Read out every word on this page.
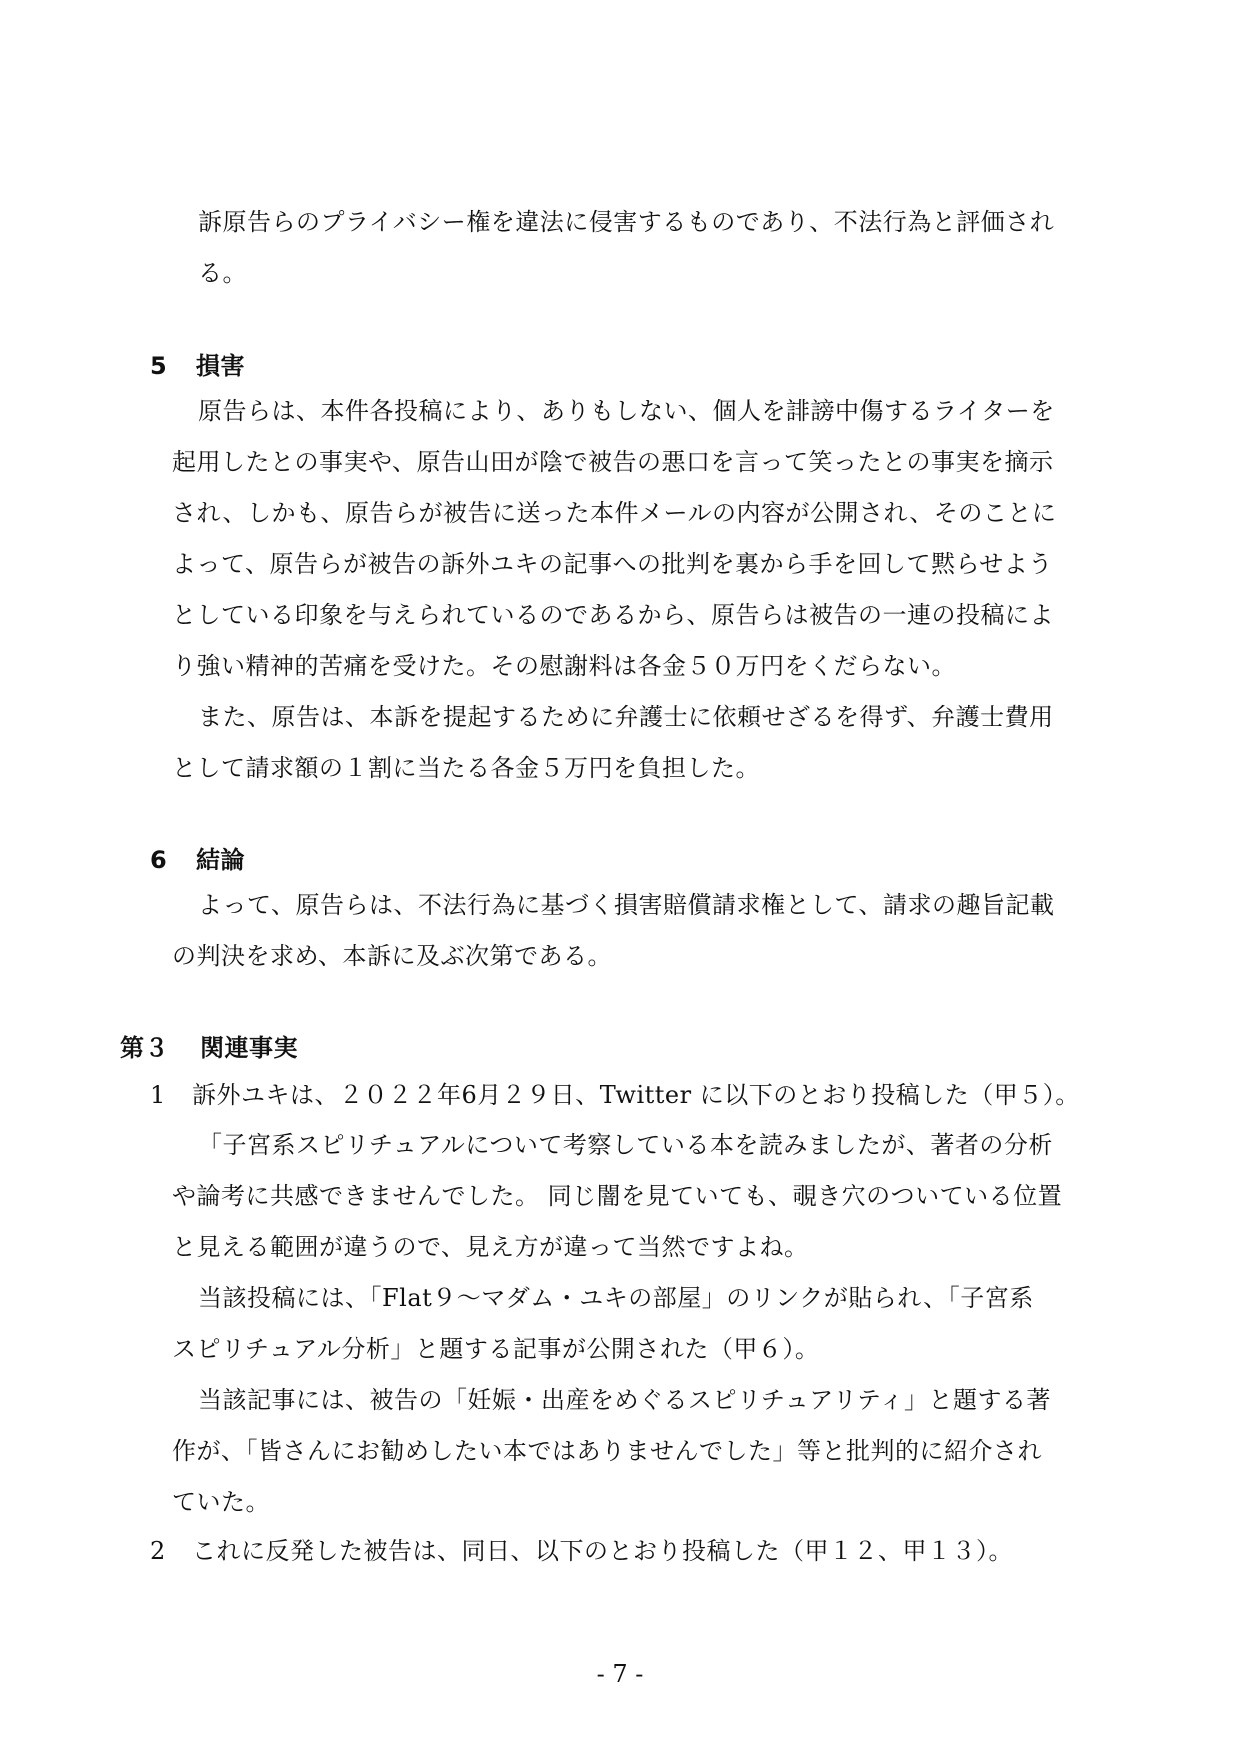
訴原告らのプライバシー権を違法に侵害するものであり、不法行為と評価され
る。
5 損害
原告らは、本件各投稿により、ありもしない、個人を誹謗中傷するライターを
起用したとの事実や、原告山田が陰で被告の悪口を言って笑ったとの事実を摘示
され、しかも、原告らが被告に送った本件メールの内容が公開され、そのことに
よって、原告らが被告の訴外ユキの記事への批判を裏から手を回して黙らせよう
としている印象を与えられているのであるから、原告らは被告の一連の投稿によ
り強い精神的苦痛を受けた。その慰謝料は各金５０万円をくだらない。
また、原告は、本訴を提起するために弁護士に依頼せざるを得ず、弁護士費用
として請求額の１割に当たる各金５万円を負担した。
6 結論
よって、原告らは、不法行為に基づく損害賠償請求権として、請求の趣旨記載
の判決を求め、本訴に及ぶ次第である。
第３ 関連事実
1 訴外ユキは、２０２２年6月２９日、Twitter に以下のとおり投稿した（甲５）。
「子宮系スピリチュアルについて考察している本を読みましたが、著者の分析
や論考に共感できませんでした。 同じ闇を見ていても、覗き穴のついている位置
と見える範囲が違うので、見え方が違って当然ですよね。
当該投稿には、「Flat９〜マダム・ユキの部屋」のリンクが貼られ、「子宮系
スピリチュアル分析」と題する記事が公開された（甲６）。
当該記事には、被告の「妊娠・出産をめぐるスピリチュアリティ」と題する著
作が、「皆さんにお勧めしたい本ではありませんでした」等と批判的に紹介され
ていた。
2 これに反発した被告は、同日、以下のとおり投稿した（甲１２、甲１３）。
- 7 -
